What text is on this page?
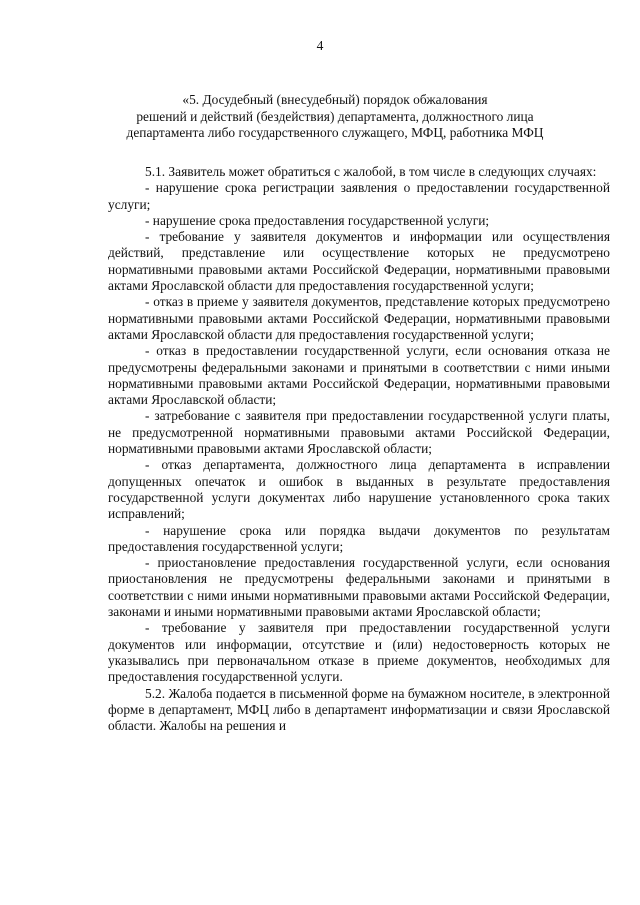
4
«5. Досудебный (внесудебный) порядок обжалования
решений и действий (бездействия) департамента, должностного лица
департамента либо государственного служащего, МФЦ, работника МФЦ

5.1. Заявитель может обратиться с жалобой, в том числе в следующих случаях:

- нарушение срока регистрации заявления о предоставлении государственной услуги;

- нарушение срока предоставления государственной услуги;

- требование у заявителя документов и информации или осуществления действий, представление или осуществление которых не предусмотрено нормативными правовыми актами Российской Федерации, нормативными правовыми актами Ярославской области для предоставления государственной услуги;

- отказ в приеме у заявителя документов, представление которых предусмотрено нормативными правовыми актами Российской Федерации, нормативными правовыми актами Ярославской области для предоставления государственной услуги;

- отказ в предоставлении государственной услуги, если основания отказа не предусмотрены федеральными законами и принятыми в соответствии с ними иными нормативными правовыми актами Российской Федерации, нормативными правовыми актами Ярославской области;

- затребование с заявителя при предоставлении государственной услуги платы, не предусмотренной нормативными правовыми актами Российской Федерации, нормативными правовыми актами Ярославской области;

- отказ департамента, должностного лица департамента в исправлении допущенных опечаток и ошибок в выданных в результате предоставления государственной услуги документах либо нарушение установленного срока таких исправлений;

- нарушение срока или порядка выдачи документов по результатам предоставления государственной услуги;

- приостановление предоставления государственной услуги, если основания приостановления не предусмотрены федеральными законами и принятыми в соответствии с ними иными нормативными правовыми актами Российской Федерации, законами и иными нормативными правовыми актами Ярославской области;

- требование у заявителя при предоставлении государственной услуги документов или информации, отсутствие и (или) недостоверность которых не указывались при первоначальном отказе в приеме документов, необходимых для предоставления государственной услуги.

5.2. Жалоба подается в письменной форме на бумажном носителе, в электронной форме в департамент, МФЦ либо в департамент информатизации и связи Ярославской области. Жалобы на решения и
